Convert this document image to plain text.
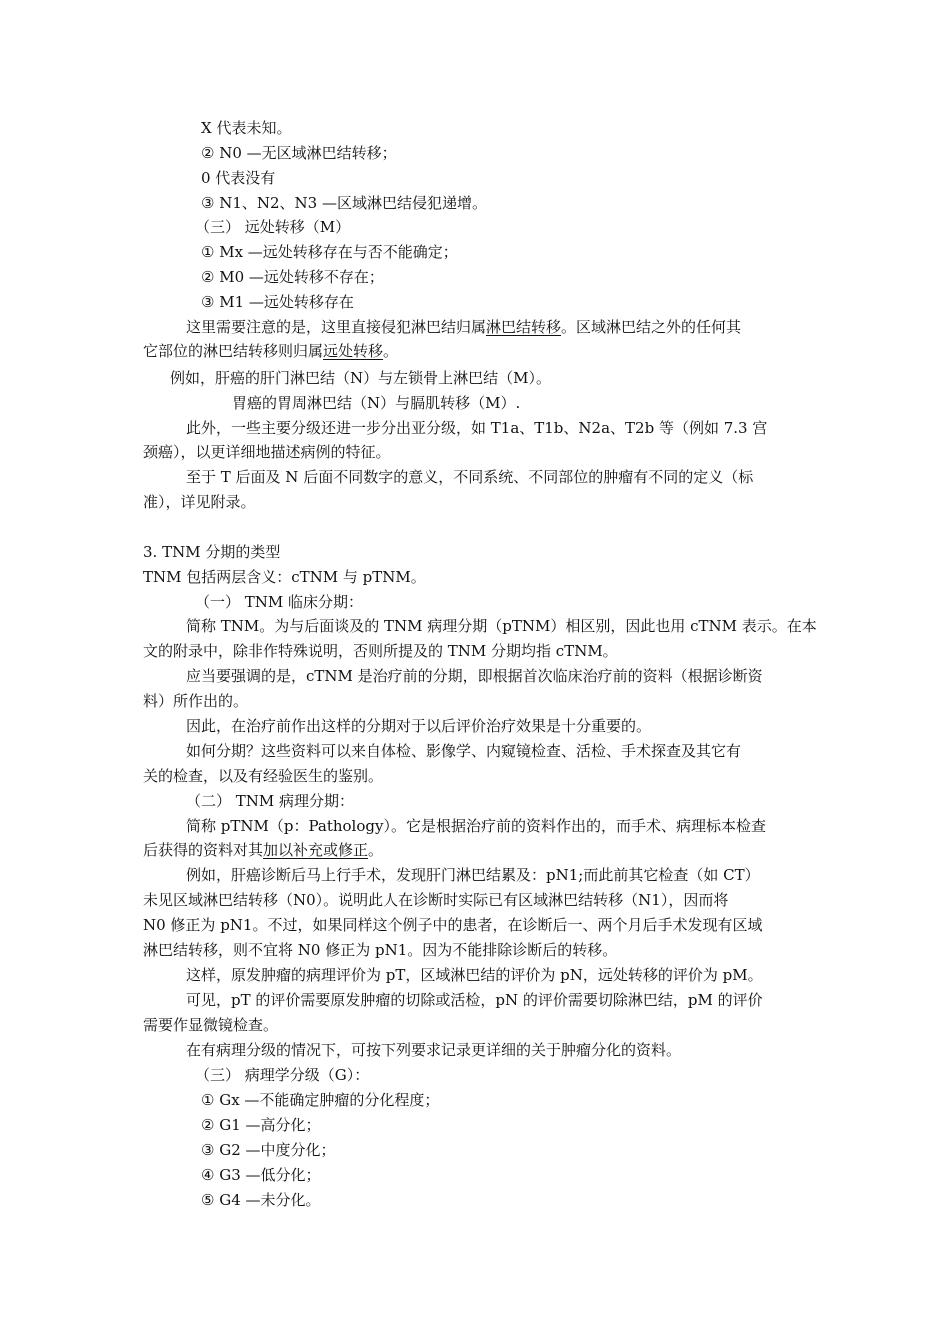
X 代表未知。
② N0 —无区域淋巴结转移；
0 代表没有
③ N1、N2、N3 —区域淋巴结侵犯递增。
（三） 远处转移（M）
① Mx —远处转移存在与否不能确定；
② M0 —远处转移不存在；
③ M1 —远处转移存在
这里需要注意的是，这里直接侵犯淋巴结归属淋巴结转移。区域淋巴结之外的任何其
它部位的淋巴结转移则归属远处转移。
例如，肝癌的肝门淋巴结（N）与左锁骨上淋巴结（M）。
胃癌的胃周淋巴结（N）与膈肌转移（M）.
此外，一些主要分级还进一步分出亚分级，如 T1a、T1b、N2a、T2b 等（例如 7.3 宫
颈癌），以更详细地描述病例的特征。
至于 T 后面及 N 后面不同数字的意义，不同系统、不同部位的肿瘤有不同的定义（标
准），详见附录。
3. TNM 分期的类型
TNM 包括两层含义：cTNM 与 pTNM。
（一） TNM 临床分期：
简称 TNM。为与后面谈及的 TNM 病理分期（pTNM）相区别，因此也用 cTNM 表示。在本
文的附录中，除非作特殊说明，否则所提及的 TNM 分期均指 cTNM。
应当要强调的是，cTNM 是治疗前的分期，即根据首次临床治疗前的资料（根据诊断资
料）所作出的。
因此，在治疗前作出这样的分期对于以后评价治疗效果是十分重要的。
如何分期？这些资料可以来自体检、影像学、内窥镜检查、活检、手术探查及其它有
关的检查，以及有经验医生的鉴别。
（二） TNM 病理分期：
简称 pTNM（p：Pathology）。它是根据治疗前的资料作出的，而手术、病理标本检查
后获得的资料对其加以补充或修正。
例如，肝癌诊断后马上行手术，发现肝门淋巴结累及：pN1;而此前其它检查（如 CT）
未见区域淋巴结转移（N0）。说明此人在诊断时实际已有区域淋巴结转移（N1），因而将
N0 修正为 pN1。不过，如果同样这个例子中的患者，在诊断后一、两个月后手术发现有区域
淋巴结转移，则不宜将 N0 修正为 pN1。因为不能排除诊断后的转移。
这样，原发肿瘤的病理评价为 pT，区域淋巴结的评价为 pN，远处转移的评价为 pM。
可见，pT 的评价需要原发肿瘤的切除或活检，pN 的评价需要切除淋巴结，pM 的评价
需要作显微镜检查。
在有病理分级的情况下，可按下列要求记录更详细的关于肿瘤分化的资料。
（三） 病理学分级（G）：
① Gx —不能确定肿瘤的分化程度；
② G1 —高分化；
③ G2 —中度分化；
④ G3 —低分化；
⑤ G4 —未分化。
